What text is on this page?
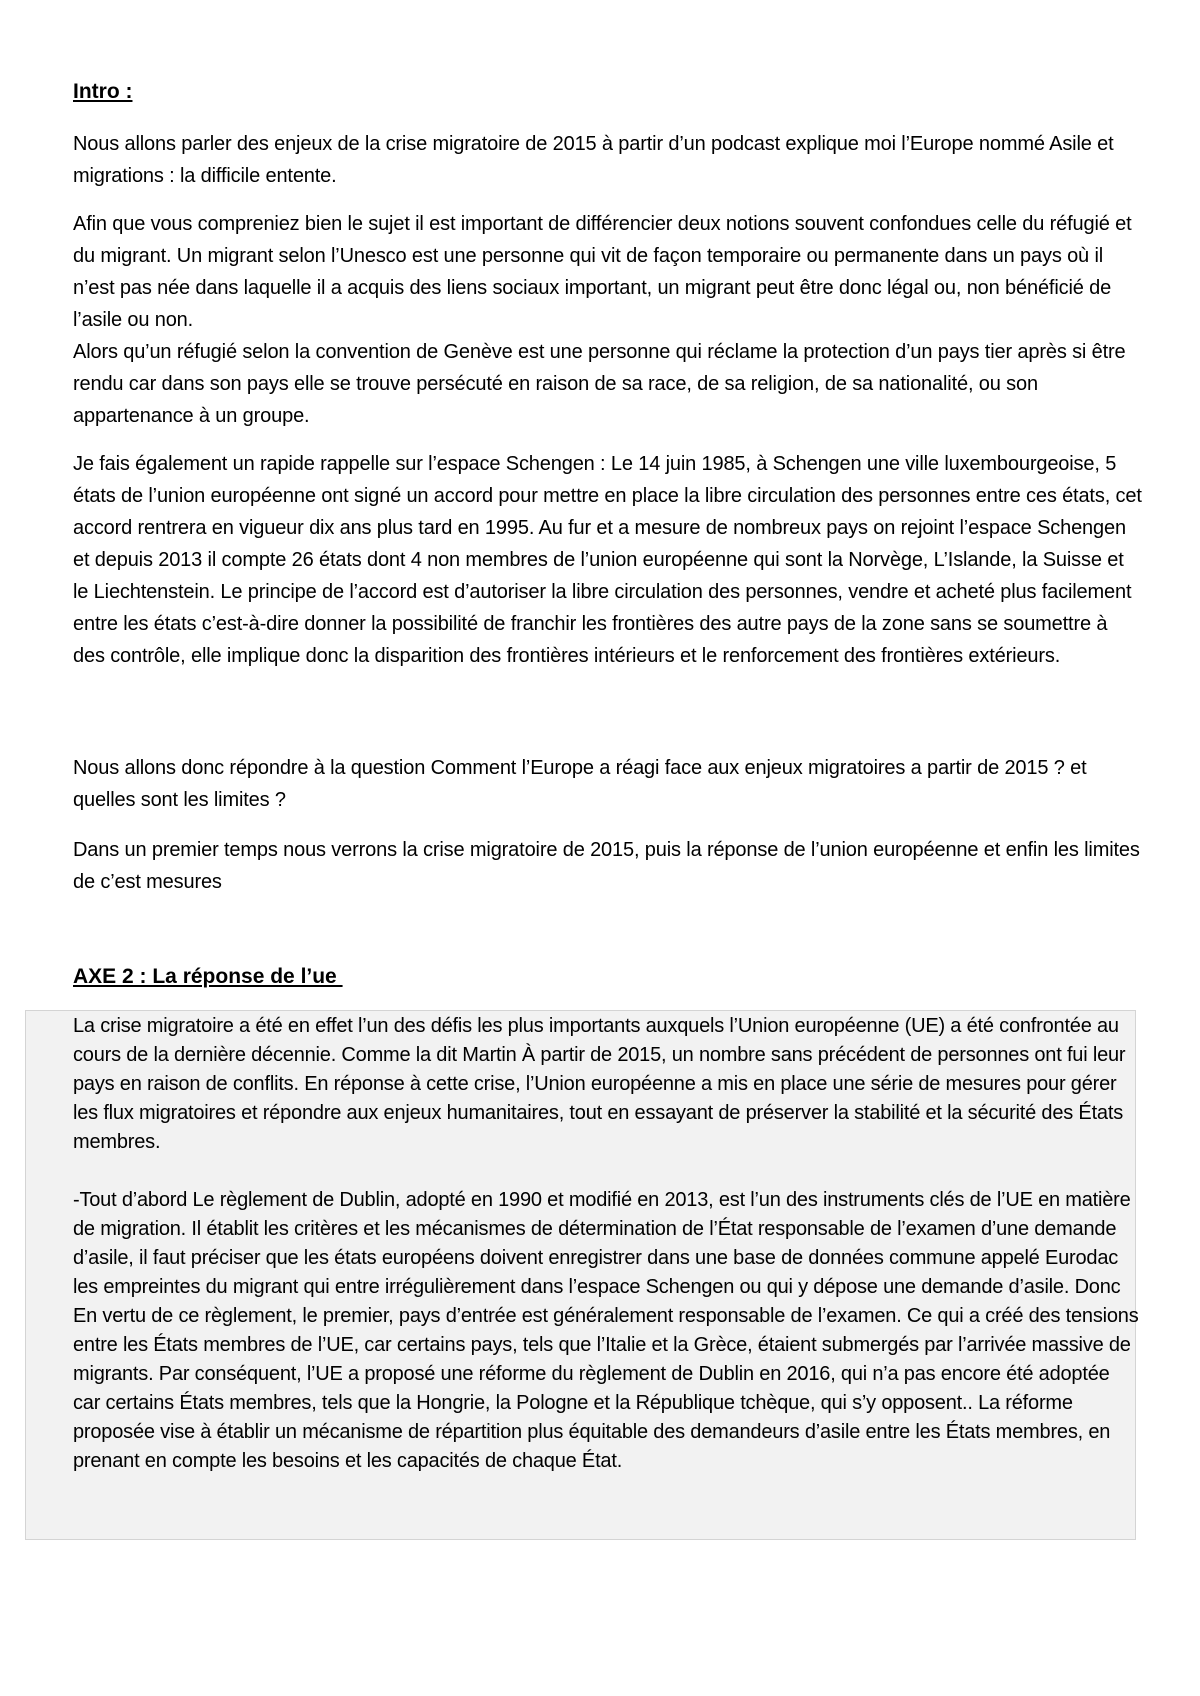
Intro :

Nous allons parler des enjeux de la crise migratoire de 2015 à partir d’un podcast explique moi l’Europe nommé Asile et migrations : la difficile entente.

Afin que vous compreniez bien le sujet il est important de différencier deux notions souvent confondues celle du réfugié et du migrant. Un migrant selon l’Unesco est une personne qui vit de façon temporaire ou permanente dans un pays où il n’est pas née dans laquelle il a acquis des liens sociaux important, un migrant peut être donc légal ou, non bénéficié de l’asile ou non.

Alors qu’un réfugié selon la convention de Genève est une personne qui réclame la protection d’un pays tier après si être rendu car dans son pays elle se trouve persécuté en raison de sa race, de sa religion, de sa nationalité, ou son appartenance à un groupe.

Je fais également un rapide rappelle sur l’espace Schengen : Le 14 juin 1985, à Schengen une ville luxembourgeoise, 5 états de l’union européenne ont signé un accord pour mettre en place la libre circulation des personnes entre ces états, cet accord rentrera en vigueur dix ans plus tard en 1995. Au fur et a mesure de nombreux pays on rejoint l’espace Schengen et depuis 2013 il compte 26 états dont 4 non membres de l’union européenne qui sont la Norvège, L’Islande, la Suisse et le Liechtenstein. Le principe de l’accord est d’autoriser la libre circulation des personnes, vendre et acheté plus facilement entre les états c’est-à-dire donner la possibilité de franchir les frontières des autre pays de la zone sans se soumettre à des contrôle, elle implique donc la disparition des frontières intérieurs et le renforcement des frontières extérieurs.

Nous allons donc répondre à la question Comment l’Europe a réagi face aux enjeux migratoires a partir de 2015 ? et quelles sont les limites ?

Dans un premier temps nous verrons la crise migratoire de 2015, puis la réponse de l’union européenne et enfin les limites de c’est mesures

AXE 2 : La réponse de l’ue

La crise migratoire a été en effet l’un des défis les plus importants auxquels l’Union européenne (UE) a été confrontée au cours de la dernière décennie. Comme la dit Martin À partir de 2015, un nombre sans précédent de personnes ont fui leur pays en raison de conflits. En réponse à cette crise, l’Union européenne a mis en place une série de mesures pour gérer les flux migratoires et répondre aux enjeux humanitaires, tout en essayant de préserver la stabilité et la sécurité des États membres.

-Tout d’abord Le règlement de Dublin, adopté en 1990 et modifié en 2013, est l’un des instruments clés de l’UE en matière de migration. Il établit les critères et les mécanismes de détermination de l’État responsable de l’examen d’une demande d’asile, il faut préciser que les états européens doivent enregistrer dans une base de données commune appelé Eurodac les empreintes du migrant qui entre irrégulièrement dans l’espace Schengen ou qui y dépose une demande d’asile. Donc En vertu de ce règlement, le premier, pays d’entrée est généralement responsable de l’examen. Ce qui a créé des tensions entre les États membres de l’UE, car certains pays, tels que l’Italie et la Grèce, étaient submergés par l’arrivée massive de migrants. Par conséquent, l’UE a proposé une réforme du règlement de Dublin en 2016, qui n’a pas encore été adoptée car certains États membres, tels que la Hongrie, la Pologne et la République tchèque, qui s’y opposent.. La réforme proposée vise à établir un mécanisme de répartition plus équitable des demandeurs d’asile entre les États membres, en prenant en compte les besoins et les capacités de chaque État.
